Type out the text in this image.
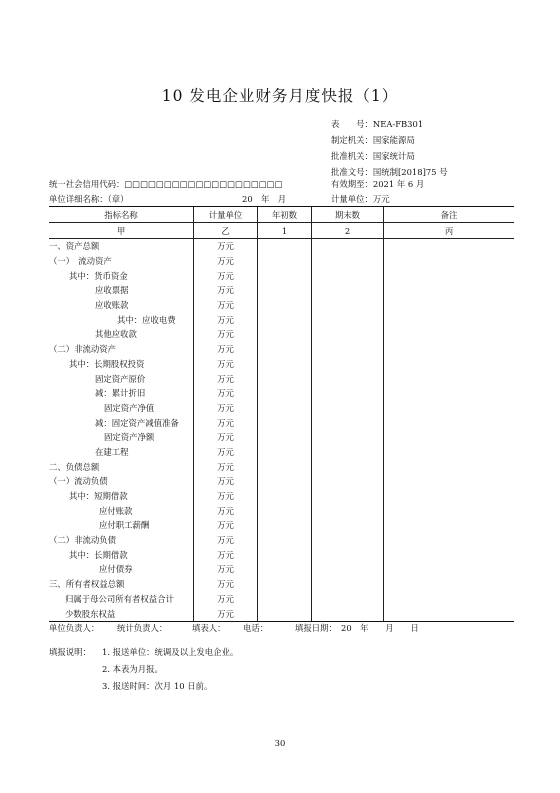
10 发电企业财务月度快报（1）
表　　号： NEA-FB301
制定机关： 国家能源局
批准机关： 国家统计局
批准文号： 国统制[2018]75 号
统一社会信用代码：□□□□□□□□□□□□□□□□□□□□	有效期至：2021 年 6 月
单位详细名称：（章）	20　年　月	计量单位：万元
指标名称	计量单位	年初数	期末数	备注
甲	乙	1	2	丙
一、资产总额	万元
（一）　流动资产	万元
其中：货币资金	万元
应收票据	万元
应收账款	万元
其中：应收电费	万元
其他应收款	万元
（二）非流动资产	万元
其中：长期股权投资	万元
固定资产原价	万元
减：累计折旧	万元
固定资产净值	万元
减：固定资产减值准备	万元
固定资产净额	万元
在建工程	万元
二、负债总额	万元
（一）流动负债	万元
其中：短期借款	万元
应付账款	万元
应付职工薪酬	万元
（二）非流动负债	万元
其中：长期借款	万元
应付债券	万元
三、所有者权益总额	万元
归属于母公司所有者权益合计	万元
少数股东权益	万元
单位负责人： 统计负责人：	填表人： 电话：	填报日期：　20　年　　月　　日
填报说明： 1. 报送单位：统调及以上发电企业。
2. 本表为月报。
3. 报送时间：次月 10 日前。
30
